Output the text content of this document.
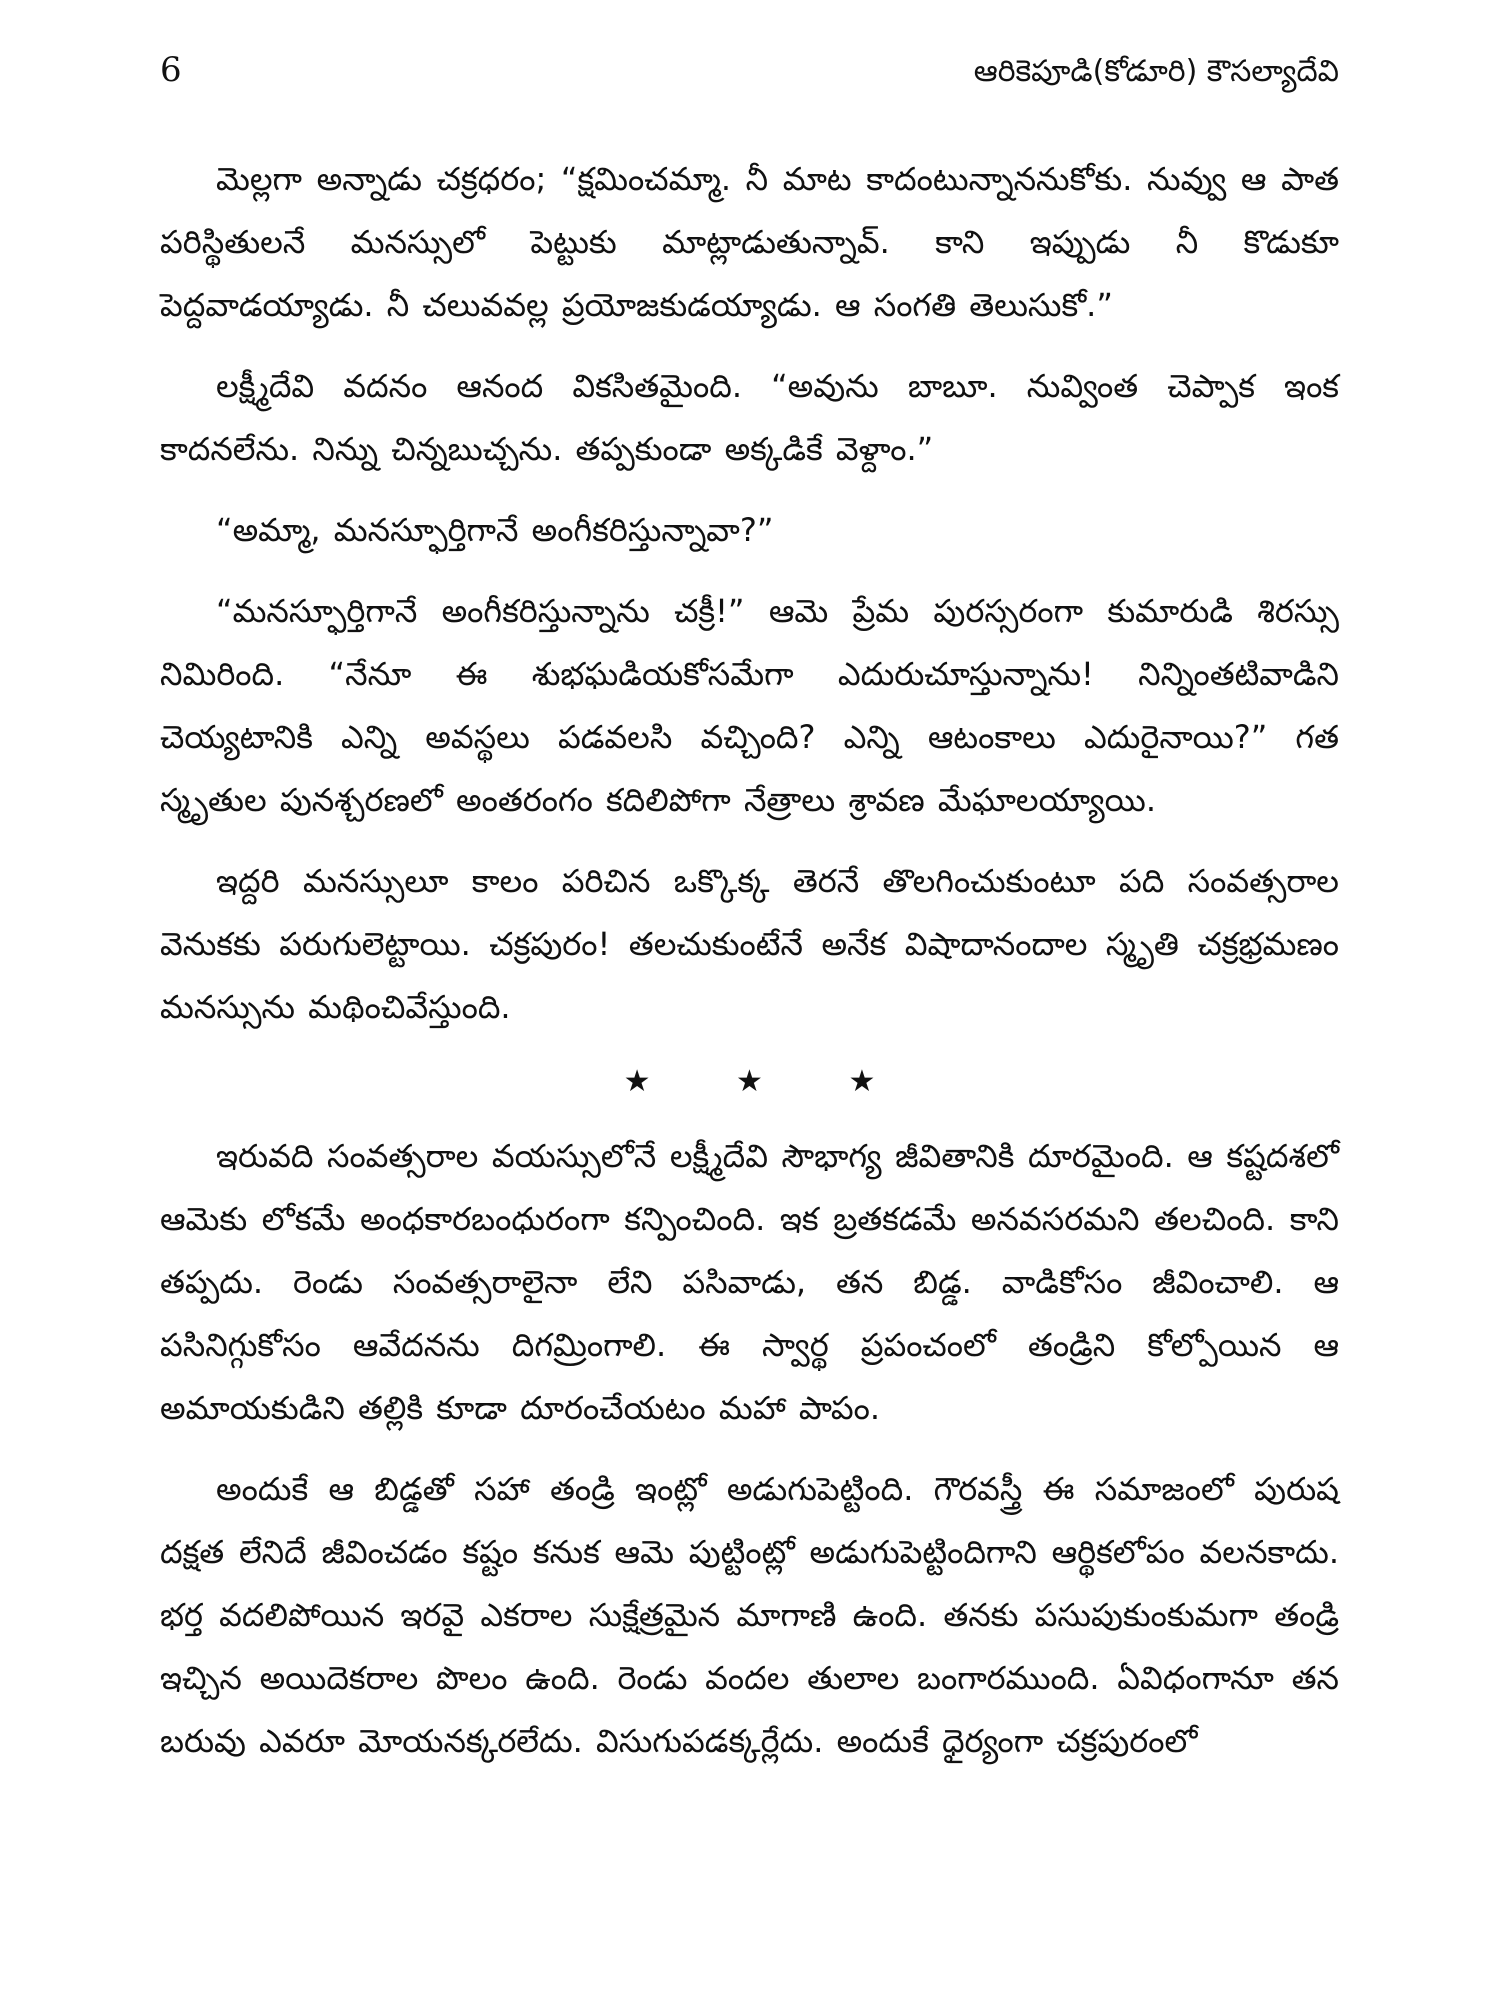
6	ఆరికెపూడి(కోడూరి) కౌసల్యాదేవి

మెల్లగా అన్నాడు చక్రధరం; “క్షమించమ్మా. నీ మాట కాదంటున్నాననుకోకు. నువ్వు ఆ పాత పరిస్థితులనే మనస్సులో పెట్టుకు మాట్లాడుతున్నావ్. కాని ఇప్పుడు నీ కొడుకూ పెద్దవాడయ్యాడు. నీ చలువవల్ల ప్రయోజకుడయ్యాడు. ఆ సంగతి తెలుసుకో.”

లక్ష్మీదేవి వదనం ఆనంద వికసితమైంది. “అవును బాబూ. నువ్వింత చెప్పాక ఇంక కాదనలేను. నిన్ను చిన్నబుచ్చను. తప్పకుండా అక్కడికే వెళ్దాం.”

“అమ్మా, మనస్ఫూర్తిగానే అంగీకరిస్తున్నావా?”

“మనస్ఫూర్తిగానే అంగీకరిస్తున్నాను చక్రీ!” ఆమె ప్రేమ పురస్సరంగా కుమారుడి శిరస్సు నిమిరింది. “నేనూ ఈ శుభఘడియకోసమేగా ఎదురుచూస్తున్నాను! నిన్నింతటివాడిని చెయ్యటానికి ఎన్ని అవస్థలు పడవలసి వచ్చింది? ఎన్ని ఆటంకాలు ఎదురైనాయి?” గత స్మృతుల పునశ్చరణలో అంతరంగం కదిలిపోగా నేత్రాలు శ్రావణ మేఘాలయ్యాయి.

ఇద్దరి మనస్సులూ కాలం పరిచిన ఒక్కొక్క తెరనే తొలగించుకుంటూ పది సంవత్సరాల వెనుకకు పరుగులెట్టాయి. చక్రపురం! తలచుకుంటేనే అనేక విషాదానందాల స్మృతి చక్రభ్రమణం మనస్సును మథించివేస్తుంది.

★ ★ ★

ఇరువది సంవత్సరాల వయస్సులోనే లక్ష్మీదేవి సౌభాగ్య జీవితానికి దూరమైంది. ఆ కష్టదశలో ఆమెకు లోకమే అంధకారబంధురంగా కన్పించింది. ఇక బ్రతకడమే అనవసరమని తలచింది. కాని తప్పదు. రెండు సంవత్సరాలైనా లేని పసివాడు, తన బిడ్డ. వాడికోసం జీవించాలి. ఆ పసినిగ్గుకోసం ఆవేదనను దిగమ్రింగాలి. ఈ స్వార్థ ప్రపంచంలో తండ్రిని కోల్పోయిన ఆ అమాయకుడిని తల్లికి కూడా దూరంచేయటం మహా పాపం.

అందుకే ఆ బిడ్డతో సహా తండ్రి ఇంట్లో అడుగుపెట్టింది. గౌరవస్త్రీ ఈ సమాజంలో పురుష దక్షత లేనిదే జీవించడం కష్టం కనుక ఆమె పుట్టింట్లో అడుగుపెట్టిందిగాని ఆర్థికలోపం వలనకాదు. భర్త వదలిపోయిన ఇరవై ఎకరాల సుక్షేత్రమైన మాగాణి ఉంది. తనకు పసుపుకుంకుమగా తండ్రి ఇచ్చిన అయిదెకరాల పొలం ఉంది. రెండు వందల తులాల బంగారముంది. ఏవిధంగానూ తన బరువు ఎవరూ మోయనక్కరలేదు. విసుగుపడక్కర్లేదు. అందుకే ధైర్యంగా చక్రపురంలో
